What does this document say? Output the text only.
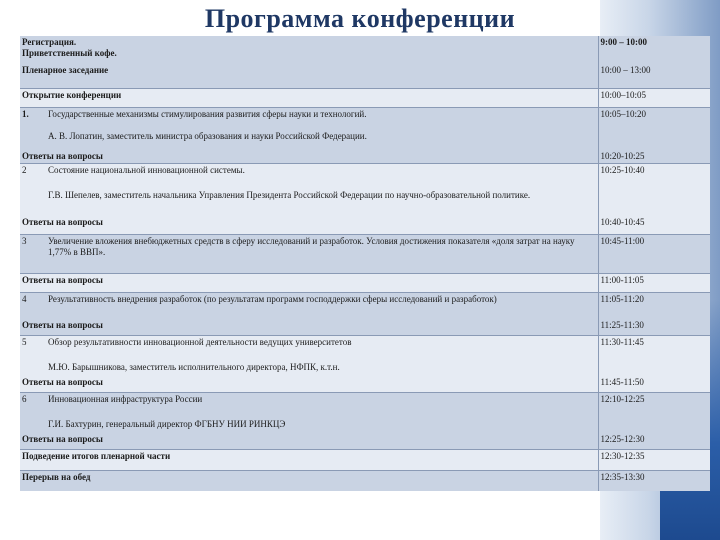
Программа конференции
Регистрация.
Приветственный кофе.		9:00 – 10:00
Пленарное заседание		10:00 – 13:00
Открытие конференции		10:00–10:05
1.	Государственные механизмы стимулирования развития сферы науки и технологий.
А. В. Лопатин, заместитель министра образования и науки Российской Федерации.	10:05–10:20
Ответы на вопросы		10:20-10:25
2	Состояние национальной инновационной системы.
Г.В. Шепелев, заместитель начальника Управления Президента Российской Федерации по научно-образовательной политике.	10:25-10:40
Ответы на вопросы		10:40-10:45
3	Увеличение вложения внебюджетных средств в сферу исследований и разработок. Условия достижения показателя «доля затрат на науку 1,77% в ВВП».	10:45-11:00
Ответы на вопросы		11:00-11:05
4	Результативность внедрения разработок (по результатам программ господдержки сферы исследований и разработок)	11:05-11:20
Ответы на вопросы		11:25-11:30
5	Обзор результативности инновационной деятельности ведущих университетов
М.Ю. Барышникова, заместитель исполнительного директора, НФПК, к.т.н.	11:30-11:45
Ответы на вопросы		11:45-11:50
6	Инновационная инфраструктура России
Г.И. Бахтурин, генеральный директор ФГБНУ НИИ РИНКЦЭ	12:10-12:25
Ответы на вопросы		12:25-12:30
Подведение итогов пленарной части		12:30-12:35
Перерыв на обед		12:35-13:30
